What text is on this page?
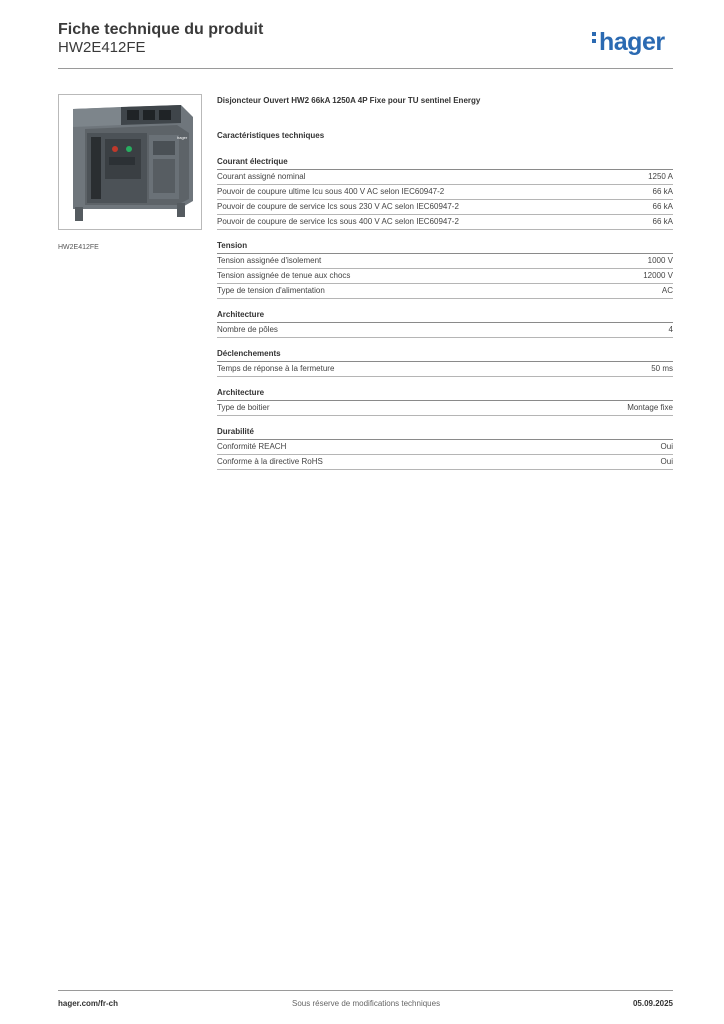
Fiche technique du produit
HW2E412FE	hager
hager
HW2E412FE
Disjoncteur Ouvert HW2 66kA 1250A 4P Fixe pour TU sentinel Energy
Caractéristiques techniques
Courant électrique
Courant assigné nominal	1250 A
Pouvoir de coupure ultime Icu sous 400 V AC selon IEC60947-2	66 kA
Pouvoir de coupure de service Ics sous 230 V AC selon IEC60947-2	66 kA
Pouvoir de coupure de service Ics sous 400 V AC selon IEC60947-2	66 kA
Tension
Tension assignée d'isolement	1000 V
Tension assignée de tenue aux chocs	12000 V
Type de tension d'alimentation	AC
Architecture
Nombre de pôles	4
Déclenchements
Temps de réponse à la fermeture	50 ms
Architecture
Type de boitier	Montage fixe
Durabilité
Conformité REACH	Oui
Conforme à la directive RoHS	Oui
hager.com/fr-ch	Sous réserve de modifications techniques	05.09.2025
